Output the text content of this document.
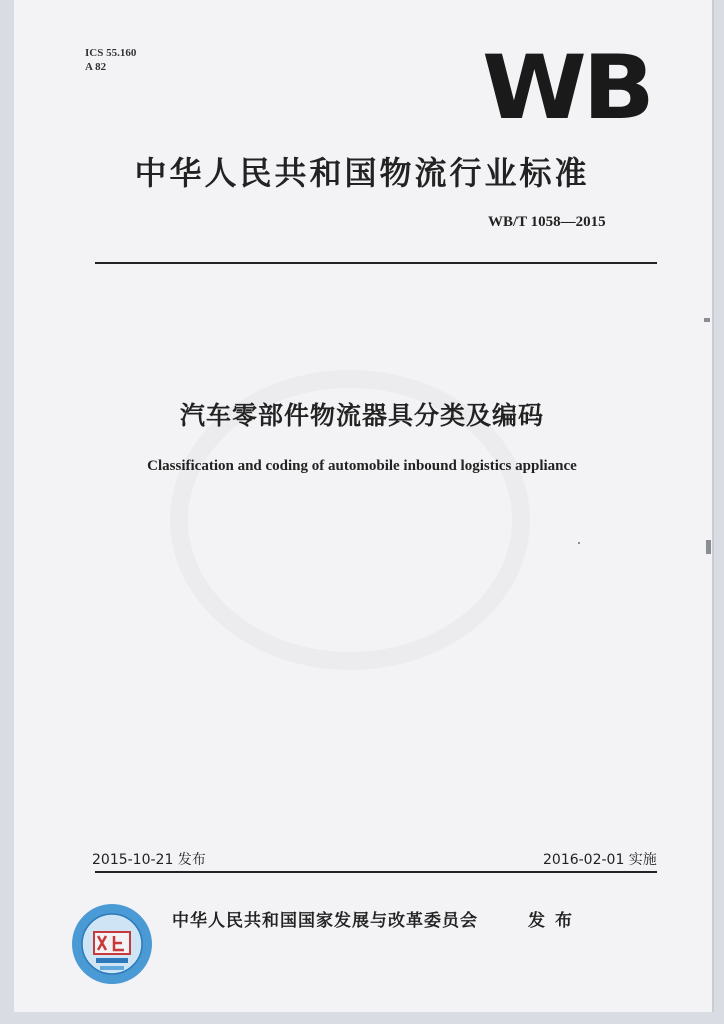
ICS 55.160
A 82	WB
中华人民共和国物流行业标准
WB/T 1058—2015
汽车零部件物流器具分类及编码
Classification and coding of automobile inbound logistics appliance
2015-10-21 发布	2016-02-01 实施
中华人民共和国国家发展与改革委员会	发布
